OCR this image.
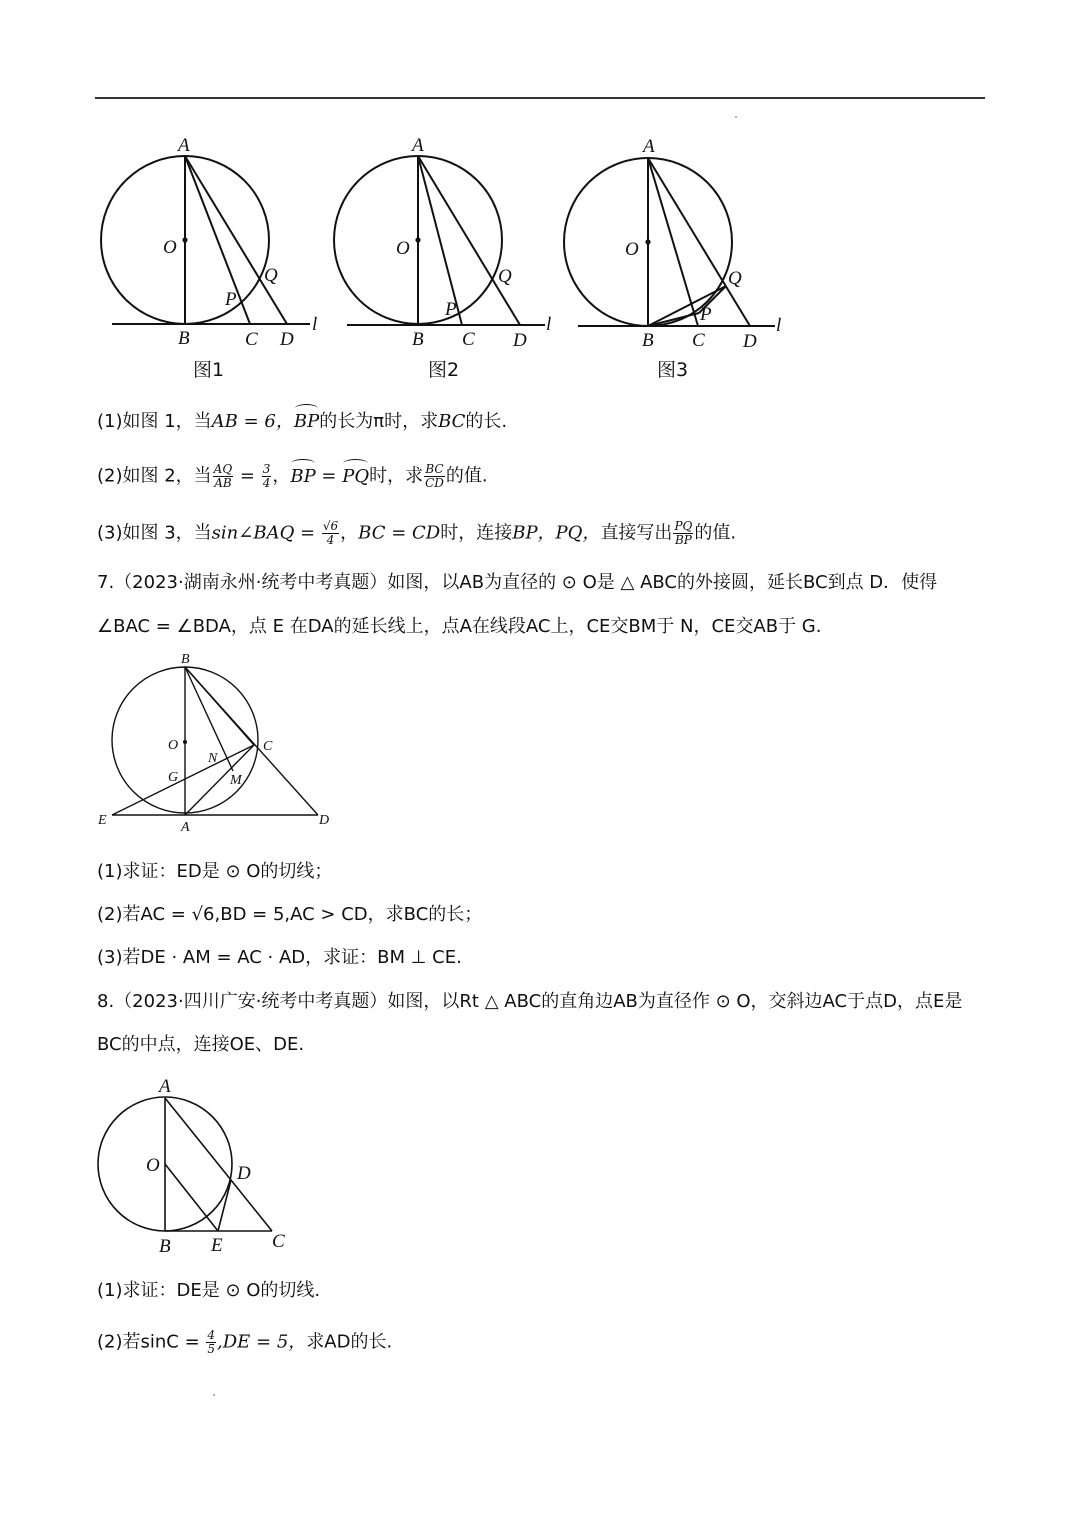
A
O
Q
P
B	C D
l
图1
A
O
Q
P
B C D
l
图2
A
O
Q
P
B C D
l
图3
(1)如图 1，当AB = 6，BP的长为π时，求BC的长.
(2)如图 2，当 $\frac{AQ}{AB} = \frac{3}{4}$ ，BP = PQ时，求 $\frac{BC}{CD}$ 的值.
(3)如图 3，当sin∠BAQ = $\frac{√6}{4}$ ，BC = CD时，连接BP，PQ，直接写出 $\frac{PQ}{BP}$ 的值.
7.（2023·湖南永州·统考中考真题）如图，以AB为直径的 ⊙ O是 △ ABC的外接圆，延长BC到点 D．使得
∠BAC = ∠BDA，点 E 在DA的延长线上，点A在线段AC上，CE交BM于 N，CE交AB于 G.
B
O	C
N
G	M
E	A	D
(1)求证：ED是 ⊙ O的切线；
(2)若AC = √6,BD = 5,AC > CD，求BC的长；
(3)若DE · AM = AC · AD，求证：BM ⊥ CE.
8.（2023·四川广安·统考中考真题）如图，以Rt △ ABC的直角边AB为直径作 ⊙ O，交斜边AC于点D，点E是
BC的中点，连接OE、DE.
A
O	D
B E	C
(1)求证：DE是 ⊙ O的切线.
(2)若$\sin C = \frac{4}{5} ,DE = 5$，求AD的长.
